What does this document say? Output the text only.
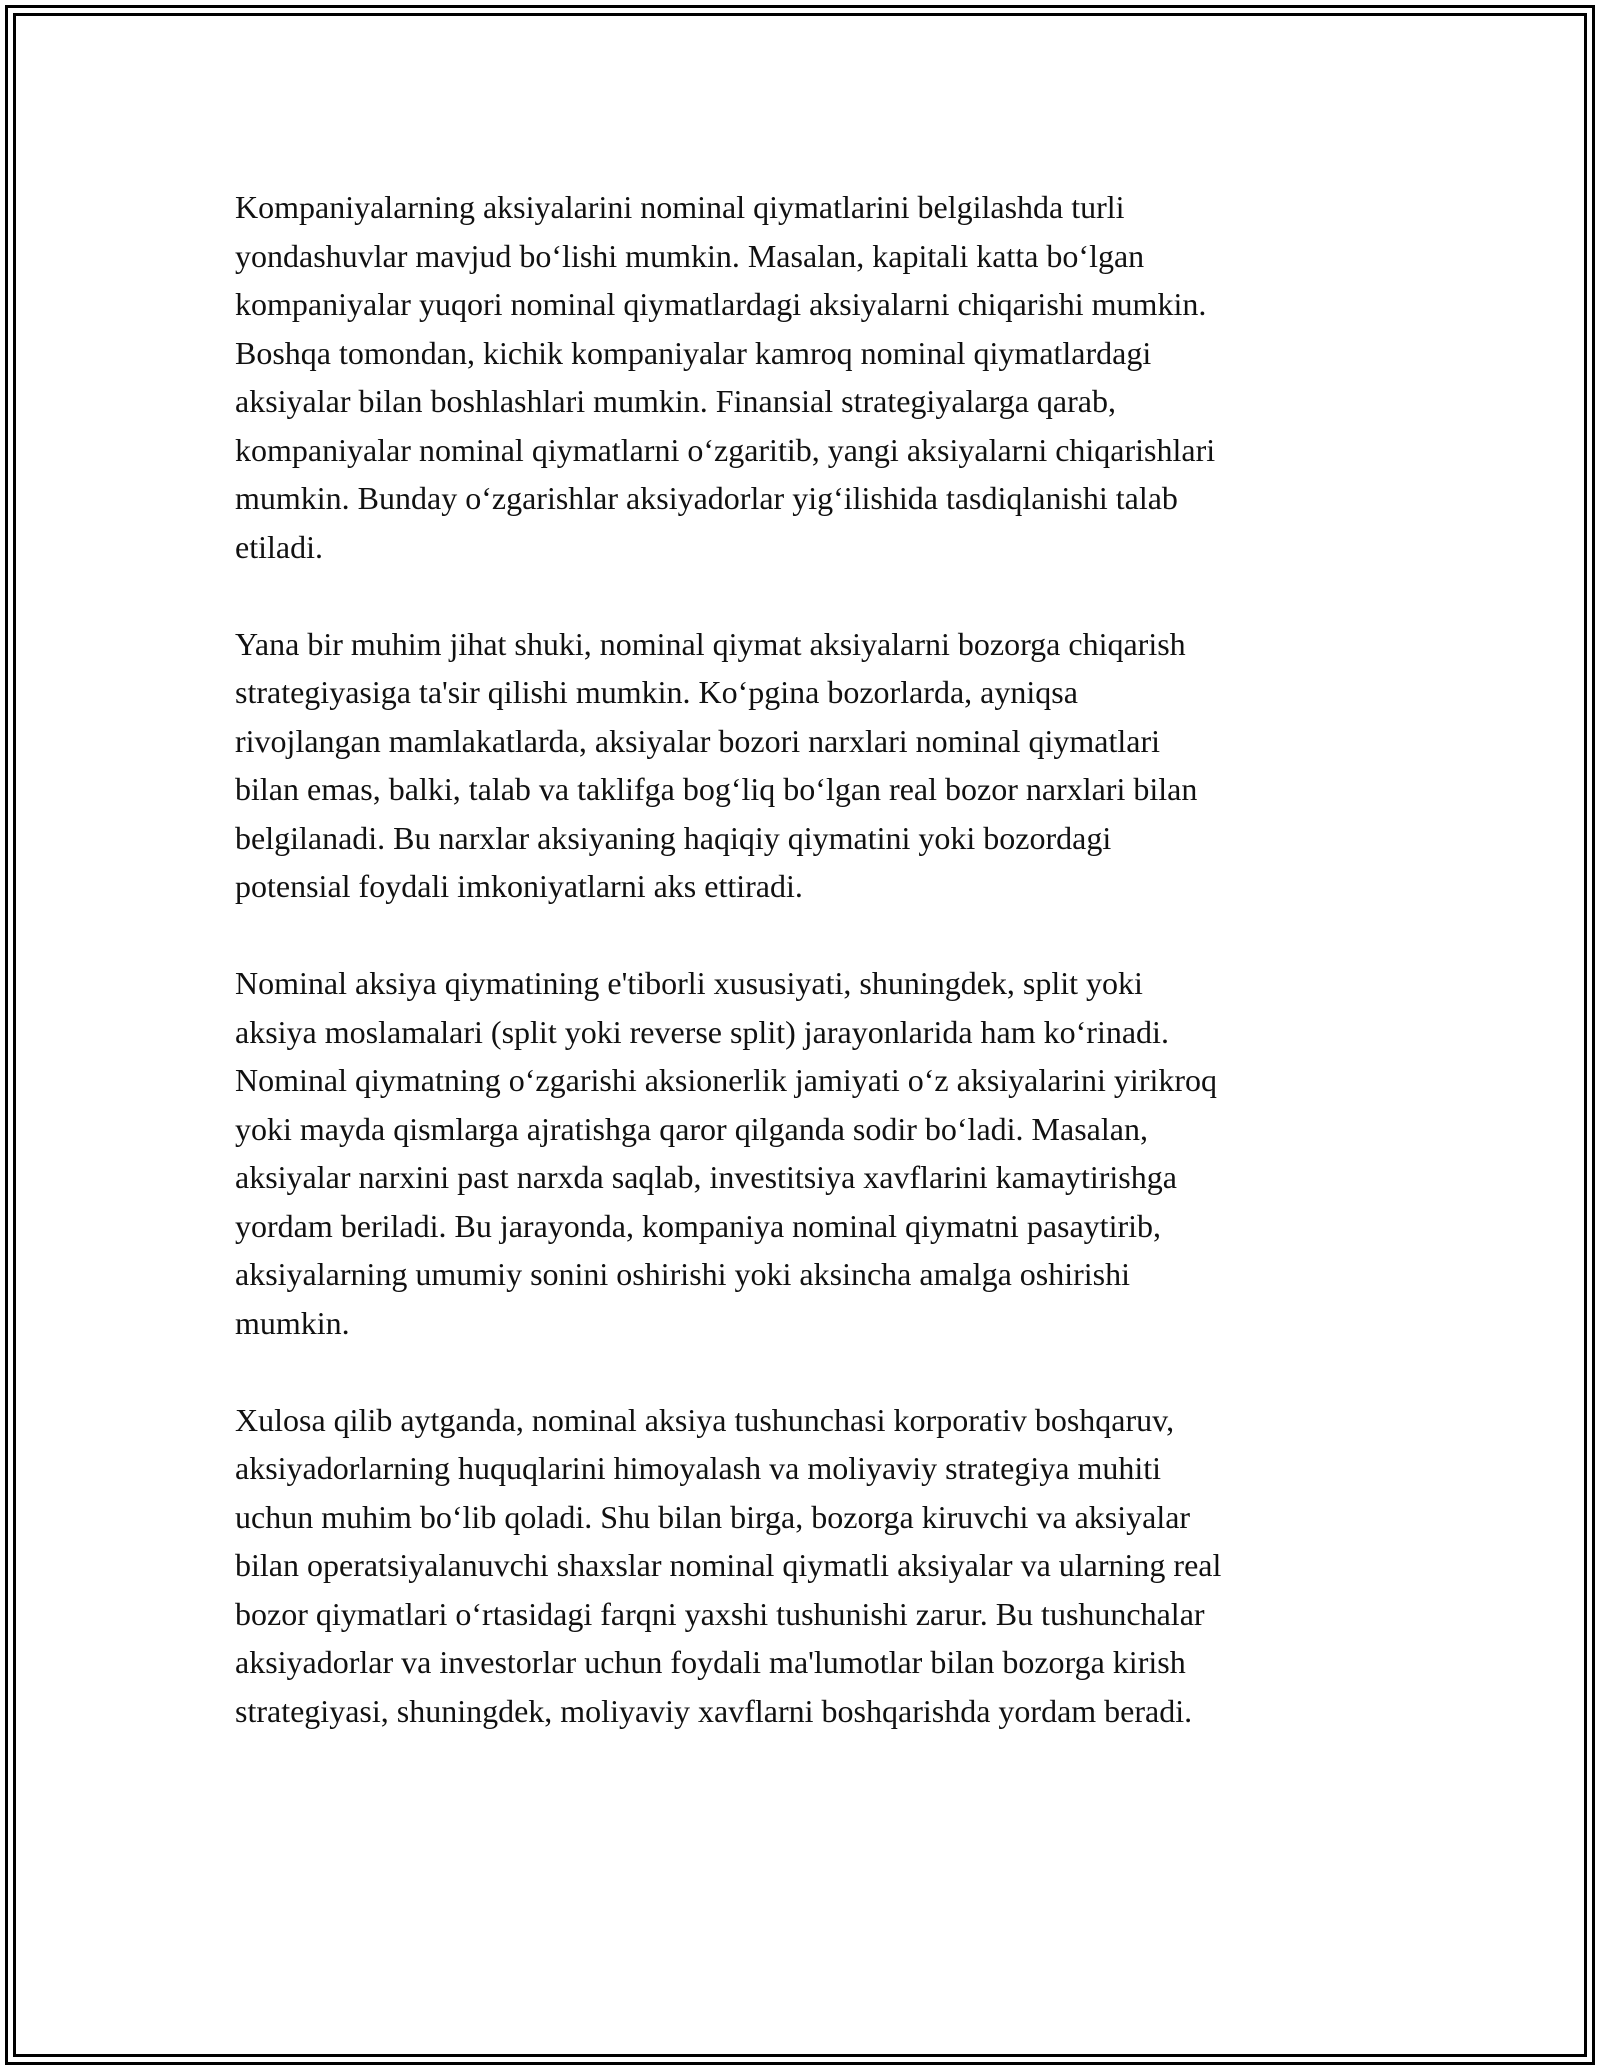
Kompaniyalarning aksiyalarini nominal qiymatlarini belgilashda turli
yondashuvlar mavjud bo‘lishi mumkin. Masalan, kapitali katta bo‘lgan
kompaniyalar yuqori nominal qiymatlardagi aksiyalarni chiqarishi mumkin.
Boshqa tomondan, kichik kompaniyalar kamroq nominal qiymatlardagi
aksiyalar bilan boshlashlari mumkin. Finansial strategiyalarga qarab,
kompaniyalar nominal qiymatlarni o‘zgaritib, yangi aksiyalarni chiqarishlari
mumkin. Bunday o‘zgarishlar aksiyadorlar yig‘ilishida tasdiqlanishi talab
etiladi.

Yana bir muhim jihat shuki, nominal qiymat aksiyalarni bozorga chiqarish
strategiyasiga ta'sir qilishi mumkin. Ko‘pgina bozorlarda, ayniqsa
rivojlangan mamlakatlarda, aksiyalar bozori narxlari nominal qiymatlari
bilan emas, balki, talab va taklifga bog‘liq bo‘lgan real bozor narxlari bilan
belgilanadi. Bu narxlar aksiyaning haqiqiy qiymatini yoki bozordagi
potensial foydali imkoniyatlarni aks ettiradi.

Nominal aksiya qiymatining e'tiborli xususiyati, shuningdek, split yoki
aksiya moslamalari (split yoki reverse split) jarayonlarida ham ko‘rinadi.
Nominal qiymatning o‘zgarishi aksionerlik jamiyati o‘z aksiyalarini yirikroq
yoki mayda qismlarga ajratishga qaror qilganda sodir bo‘ladi. Masalan,
aksiyalar narxini past narxda saqlab, investitsiya xavflarini kamaytirishga
yordam beriladi. Bu jarayonda, kompaniya nominal qiymatni pasaytirib,
aksiyalarning umumiy sonini oshirishi yoki aksincha amalga oshirishi
mumkin.

Xulosa qilib aytganda, nominal aksiya tushunchasi korporativ boshqaruv,
aksiyadorlarning huquqlarini himoyalash va moliyaviy strategiya muhiti
uchun muhim bo‘lib qoladi. Shu bilan birga, bozorga kiruvchi va aksiyalar
bilan operatsiyalanuvchi shaxslar nominal qiymatli aksiyalar va ularning real
bozor qiymatlari o‘rtasidagi farqni yaxshi tushunishi zarur. Bu tushunchalar
aksiyadorlar va investorlar uchun foydali ma'lumotlar bilan bozorga kirish
strategiyasi, shuningdek, moliyaviy xavflarni boshqarishda yordam beradi.
